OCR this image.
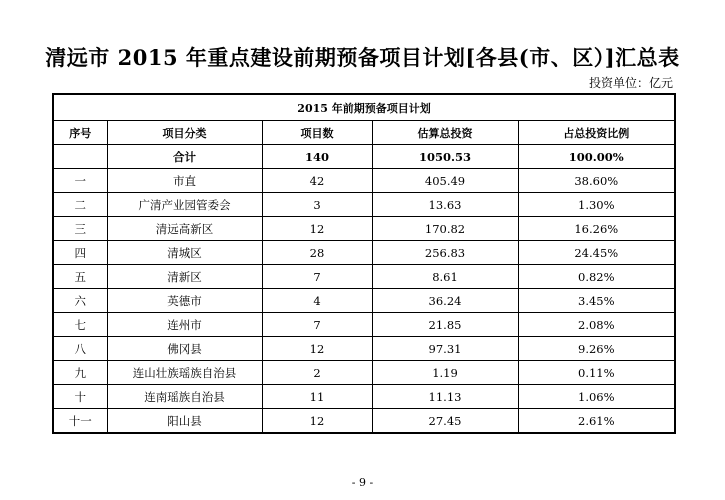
清远市 2015 年重点建设前期预备项目计划[各县(市、区）]汇总表
投资单位：亿元
2015 年前期预备项目计划				
序号	项目分类	项目数	估算总投资	占总投资比例
	合计	140	1050.53	100.00%
一	市直	42	405.49	38.60%
二	广清产业园管委会	3	13.63	1.30%
三	清远高新区	12	170.82	16.26%
四	清城区	28	256.83	24.45%
五	清新区	7	8.61	0.82%
六	英德市	4	36.24	3.45%
七	连州市	7	21.85	2.08%
八	佛冈县	12	97.31	9.26%
九	连山壮族瑶族自治县	2	1.19	0.11%
十	连南瑶族自治县	11	11.13	1.06%
十一	阳山县	12	27.45	2.61%
- 9 -
